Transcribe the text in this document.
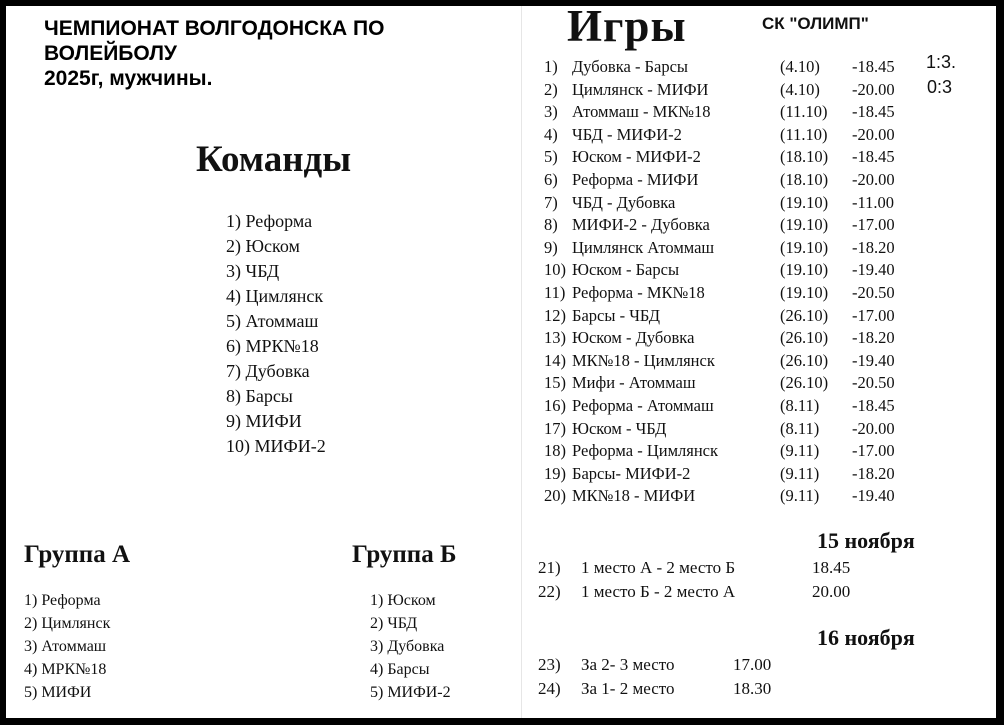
ЧЕМПИОНАТ ВОЛГОДОНСКА ПО
ВОЛЕЙБОЛУ
2025г, мужчины.
Команды
1) Реформа
2) Юском
3) ЧБД
4) Цимлянск
5) Атоммаш
6) МРК№18
7) Дубовка
8) Барсы
9) МИФИ
10) МИФИ-2
Группа А
1) Реформа
2) Цимлянск
3) Атоммаш
4) МРК№18
5) МИФИ
Группа Б
1) Юском
2) ЧБД
3) Дубовка
4) Барсы
5) МИФИ-2
Игры	СК "ОЛИМП"
1:3.
0:3
1) Дубовка - Барсы	(4.10) -18.45
2) Цимлянск - МИФИ	(4.10) -20.00
3) Атоммаш - МК№18	(11.10) -18.45
4) ЧБД - МИФИ-2	(11.10) -20.00
5) Юском - МИФИ-2	(18.10) -18.45
6) Реформа - МИФИ	(18.10) -20.00
7) ЧБД - Дубовка	(19.10) -11.00
8) МИФИ-2 - Дубовка	(19.10) -17.00
9) Цимлянск Атоммаш	(19.10) -18.20
10) Юском - Барсы	(19.10) -19.40
11) Реформа - МК№18	(19.10) -20.50
12) Барсы - ЧБД	(26.10) -17.00
13) Юском - Дубовка	(26.10) -18.20
14) МК№18 - Цимлянск	(26.10) -19.40
15) Мифи - Атоммаш	(26.10) -20.50
16) Реформа - Атоммаш	(8.11) -18.45
17) Юском - ЧБД	(8.11) -20.00
18) Реформа - Цимлянск	(9.11) -17.00
19) Барсы- МИФИ-2	(9.11) -18.20
20) МК№18 - МИФИ	(9.11) -19.40
15 ноября
21) 1 место А - 2 место Б	18.45
22) 1 место Б - 2 место А	20.00
16 ноября
23) За 2- 3 место	17.00
24) За 1- 2 место	18.30
